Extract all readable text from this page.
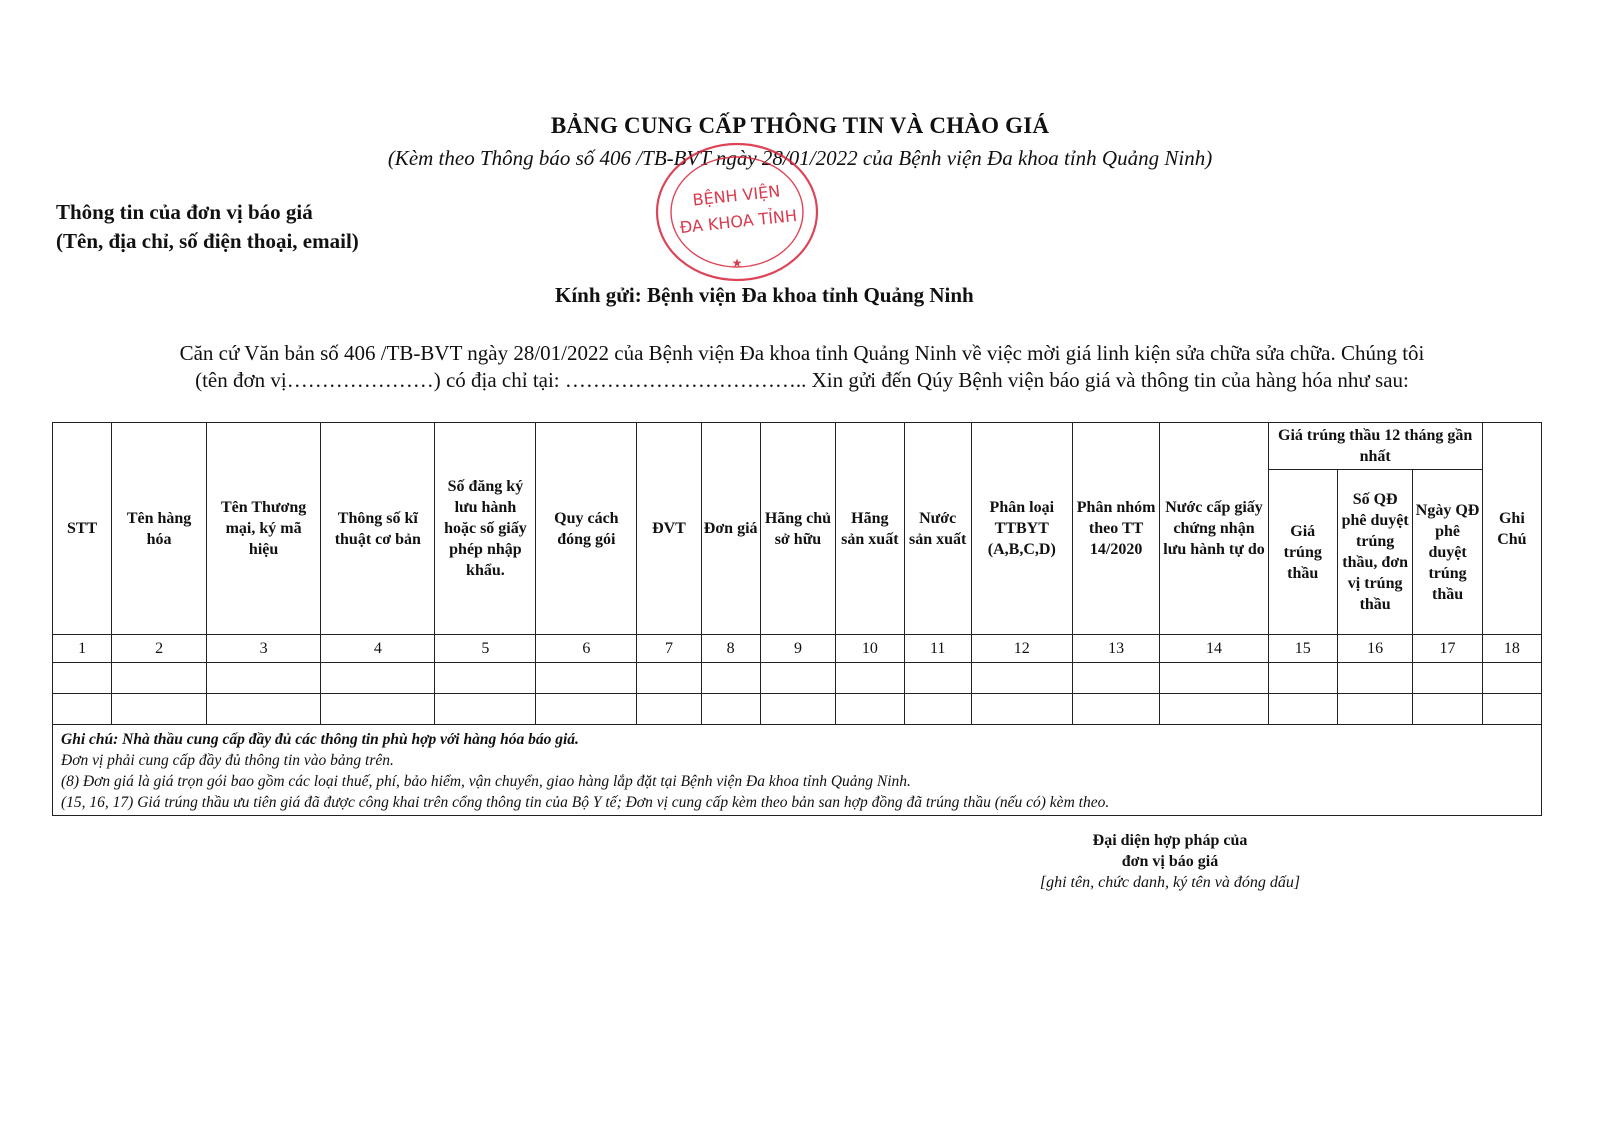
BẢNG CUNG CẤP THÔNG TIN VÀ CHÀO GIÁ
(Kèm theo Thông báo số 406 /TB-BVT ngày 28/01/2022 của Bệnh viện Đa khoa tỉnh Quảng Ninh)
Thông tin của đơn vị báo giá
(Tên, địa chỉ, số điện thoại, email)
Kính gửi: Bệnh viện Đa khoa tỉnh Quảng Ninh
Căn cứ Văn bản số 406 /TB-BVT ngày 28/01/2022 của Bệnh viện Đa khoa tỉnh Quảng Ninh về việc mời giá linh kiện sửa chữa sửa chữa. Chúng tôi
(tên đơn vị…………………) có địa chỉ tại: …………………………….. Xin gửi đến Qúy Bệnh viện báo giá và thông tin của hàng hóa như sau:
STT	Tên hàng hóa	Tên Thương mại, ký mã hiệu	Thông số kĩ thuật cơ bản	Số đăng ký lưu hành hoặc số giấy phép nhập khẩu.	Quy cách đóng gói	ĐVT	Đơn giá	Hãng chủ sở hữu	Hãng sản xuất	Nước sản xuất	Phân loại TTBYT (A,B,C,D)	Phân nhóm theo TT 14/2020	Nước cấp giấy chứng nhận lưu hành tự do	Giá trúng thầu 12 tháng gần nhất			Ghi Chú
														Giá trúng thầu	Số QĐ phê duyệt trúng thầu, đơn vị trúng thầu	Ngày QĐ phê duyệt trúng thầu	
1	2	3	4	5	6	7	8	9	10	11	12	13	14	15	16	17	18

Ghi chú: Nhà thầu cung cấp đầy đủ các thông tin phù hợp với hàng hóa báo giá.
Đơn vị phải cung cấp đầy đủ thông tin vào bảng trên.
(8) Đơn giá là giá trọn gói bao gồm các loại thuế, phí, bảo hiểm, vận chuyển, giao hàng lắp đặt tại Bệnh viện Đa khoa tỉnh Quảng Ninh.
(15, 16, 17) Giá trúng thầu ưu tiên giá đã được công khai trên cổng thông tin của Bộ Y tế; Đơn vị cung cấp kèm theo bản san hợp đồng đã trúng thầu (nếu có) kèm theo.																	
Đại diện hợp pháp của
đơn vị báo giá
[ghi tên, chức danh, ký tên và đóng dấu]
BỆNH VIỆN
ĐA KHOA TỈNH
★
